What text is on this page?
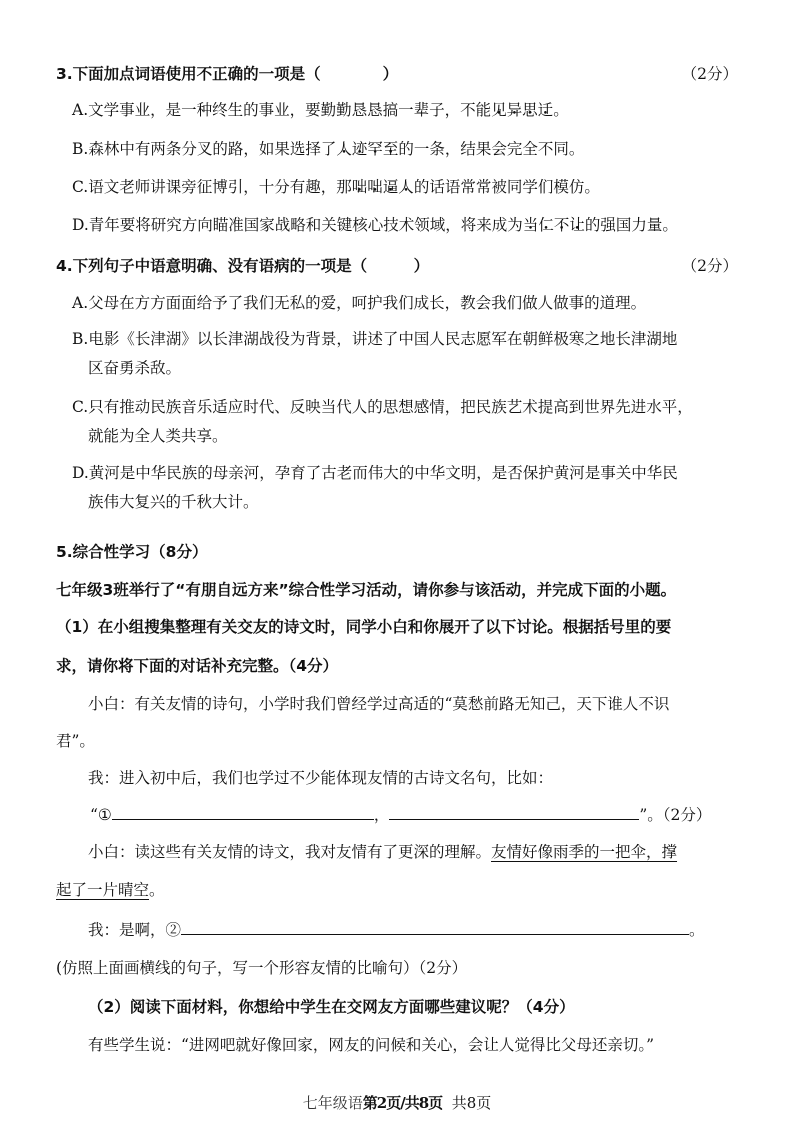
3.下面加点词语使用不正确的一项是（　　　　）	（2分）
A.文学事业，是一种终生的事业，要勤勤恳恳搞一辈子，不能见 •异 •思 •迁 •。
B.森林中有两条分叉的路，如果选择了人 •迹 •罕 •至 •的一条，结果会完全不同。
C.语文老师讲课旁征博引，十分有趣，那咄 •咄 •逼 •人 •的话语常常被同学们模仿。
D.青年要将研究方向瞄准国家战略和关键核心技术领域，将来成为当 •仁 •不 •让 •的强国力量。
4.下列句子中语意明确、没有语病的一项是（　　　）	（2分）
A.父母在方方面面给予了我们无私的爱，呵护我们成长，教会我们做人做事的道理。
B.电影《长津湖》以长津湖战役为背景，讲述了中国人民志愿军在朝鲜极寒之地长津湖地
区奋勇杀敌。
C.只有推动民族音乐适应时代、反映当代人的思想感情，把民族艺术提高到世界先进水平，
就能为全人类共享。
D.黄河是中华民族的母亲河，孕育了古老而伟大的中华文明，是否保护黄河是事关中华民
族伟大复兴的千秋大计。
5.综合性学习（8分）
七年级3班举行了“有朋自远方来”综合性学习活动，请你参与该活动，并完成下面的小题。
（1）在小组搜集整理有关交友的诗文时，同学小白和你展开了以下讨论。根据括号里的要
求，请你将下面的对话补充完整。（4分）
小白：有关友情的诗句，小学时我们曾经学过高适的“莫愁前路无知己，天下谁人不识
君”。
我：进入初中后，我们也学过不少能体现友情的古诗文名句，比如：
“①	，	”。（2分）
小白：读这些有关友情的诗文，我对友情有了更深的理解。友情好像雨季的一把伞，撑
起了一片晴空。
我：是啊，②	。
(仿照上面画横线的句子，写一个形容友情的比喻句）（2分）
（2）阅读下面材料，你想给中学生在交网友方面哪些建议呢？（4分）
有些学生说：“进网吧就好像回家，网友的问候和关心，会让人觉得比父母还亲切。”
七年级语第2页/共8页 共8页
